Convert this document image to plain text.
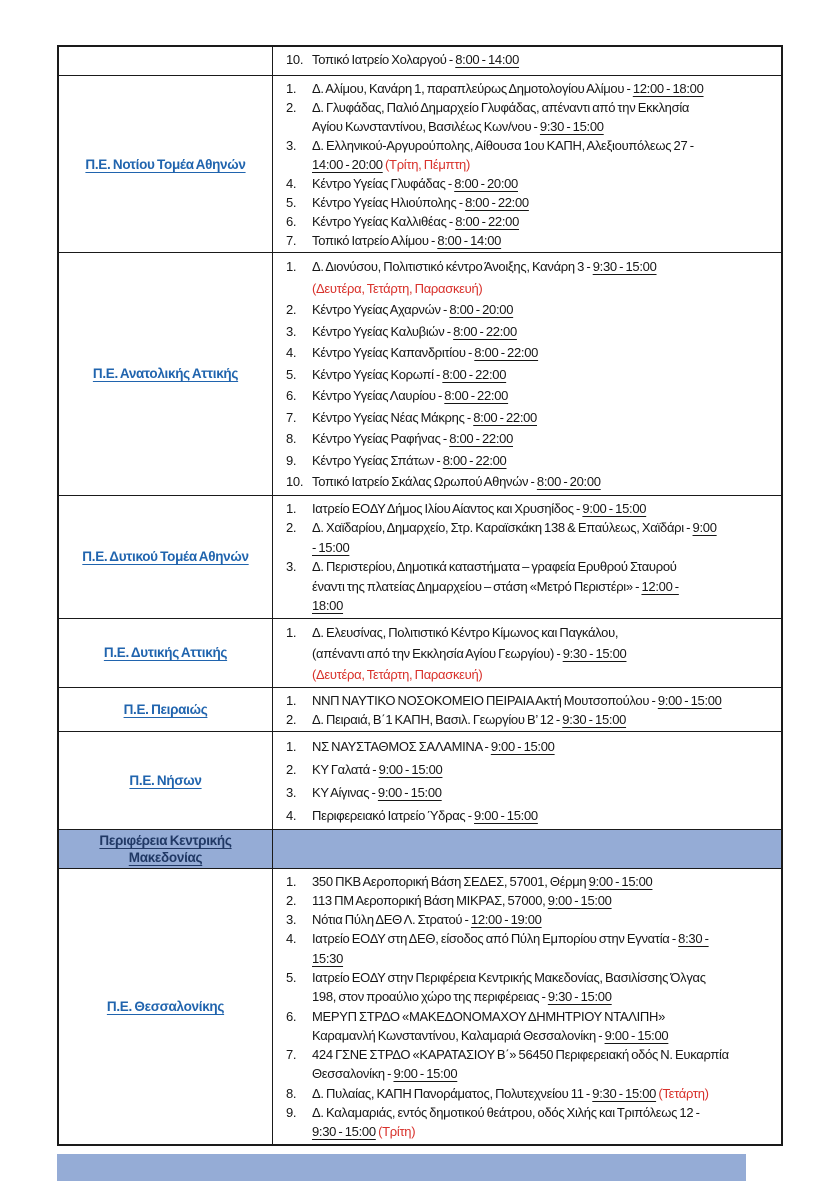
10. Τοπικό Ιατρείο Χολαργού - 8:00 - 14:00
Π.Ε. Νοτίου Τομέα Αθηνών
1.	Δ. Αλίμου, Κανάρη 1, παραπλεύρως Δημοτολογίου Αλίμου - 12:00 - 18:00
2.	Δ. Γλυφάδας, Παλιό Δημαρχείο Γλυφάδας, απέναντι από την Εκκλησία
Αγίου Κωνσταντίνου, Βασιλέως Κων/νου - 9:30 - 15:00
3.	Δ. Ελληνικού-Αργυρούπολης, Αίθουσα 1ου ΚΑΠΗ, Αλεξιουπόλεως 27 -
14:00 - 20:00 (Τρίτη, Πέμπτη)
4.	Κέντρο Υγείας Γλυφάδας - 8:00 - 20:00
5.	Κέντρο Υγείας Ηλιούπολης - 8:00 - 22:00
6.	Κέντρο Υγείας Καλλιθέας - 8:00 - 22:00
7.	Τοπικό Ιατρείο Αλίμου - 8:00 - 14:00
Π.Ε. Ανατολικής Αττικής
1.	Δ. Διονύσου, Πολιτιστικό κέντρο Άνοιξης, Κανάρη 3 - 9:30 - 15:00
(Δευτέρα, Τετάρτη, Παρασκευή)
2.	Κέντρο Υγείας Αχαρνών - 8:00 - 20:00
3.	Κέντρο Υγείας Καλυβιών - 8:00 - 22:00
4.	Κέντρο Υγείας Καπανδριτίου - 8:00 - 22:00
5.	Κέντρο Υγείας Κορωπί - 8:00 - 22:00
6.	Κέντρο Υγείας Λαυρίου - 8:00 - 22:00
7.	Κέντρο Υγείας Νέας Μάκρης - 8:00 - 22:00
8.	Κέντρο Υγείας Ραφήνας - 8:00 - 22:00
9.	Κέντρο Υγείας Σπάτων - 8:00 - 22:00
10. Τοπικό Ιατρείο Σκάλας Ωρωπού Αθηνών - 8:00 - 20:00
Π.Ε. Δυτικού Τομέα Αθηνών
1.	Ιατρείο ΕΟΔΥ Δήμος Ιλίου Αίαντος και Χρυσηίδος - 9:00 - 15:00
2.	Δ. Χαϊδαρίου, Δημαρχείο, Στρ. Καραϊσκάκη 138 & Επαύλεως, Χαϊδάρι - 9:00
- 15:00
3.	Δ. Περιστερίου, Δημοτικά καταστήματα – γραφεία Ερυθρού Σταυρού
έναντι της πλατείας Δημαρχείου – στάση «Μετρό Περιστέρι» - 12:00 -
18:00
Π.Ε. Δυτικής Αττικής
1.	Δ. Ελευσίνας, Πολιτιστικό Κέντρο Κίμωνος και Παγκάλου,
(απέναντι από την Εκκλησία Αγίου Γεωργίου) - 9:30 - 15:00
(Δευτέρα, Τετάρτη, Παρασκευή)
Π.Ε. Πειραιώς
1.	ΝΝΠ ΝΑΥΤΙΚΟ ΝΟΣΟΚΟΜΕΙΟ ΠΕΙΡΑΙΑ Ακτή Μουτσοπούλου - 9:00 - 15:00
2.	Δ. Πειραιά, Β΄1 ΚΑΠΗ, Βασιλ. Γεωργίου Β’ 12 - 9:30 - 15:00
Π.Ε. Νήσων
1.	ΝΣ ΝΑΥΣΤΑΘΜΟΣ ΣΑΛΑΜΙΝΑ - 9:00 - 15:00
2.	ΚΥ Γαλατά - 9:00 - 15:00
3.	ΚΥ Αίγινας - 9:00 - 15:00
4.	Περιφερειακό Ιατρείο Ύδρας - 9:00 - 15:00
Περιφέρεια Κεντρικής Μακεδονίας
Π.Ε. Θεσσαλονίκης
1.	350 ΠΚΒ Αεροπορική Βάση ΣΕΔΕΣ, 57001, Θέρμη 9:00 - 15:00
2.	113 ΠΜ Αεροπορική Βάση ΜΙΚΡΑΣ, 57000, 9:00 - 15:00
3.	Νότια Πύλη ΔΕΘ Λ. Στρατού - 12:00 - 19:00
4.	Ιατρείο ΕΟΔΥ στη ΔΕΘ, είσοδος από Πύλη Εμπορίου στην Εγνατία - 8:30 -
15:30
5.	Ιατρείο ΕΟΔΥ στην Περιφέρεια Κεντρικής Μακεδονίας, Βασιλίσσης Όλγας
198, στον προαύλιο χώρο της περιφέρειας - 9:30 - 15:00
6.	ΜΕΡΥΠ ΣΤΡΔΟ «ΜΑΚΕΔΟΝΟΜΑΧΟΥ ΔΗΜΗΤΡΙΟΥ ΝΤΑΛΙΠΗ»
Καραμανλή Κωνσταντίνου, Καλαμαριά Θεσσαλονίκη - 9:00 - 15:00
7.	424 ΓΣΝΕ ΣΤΡΔΟ «ΚΑΡΑΤΑΣΙΟΥ Β΄» 56450 Περιφερειακή οδός Ν. Ευκαρπία
Θεσσαλονίκη - 9:00 - 15:00
8.	Δ. Πυλαίας, ΚΑΠΗ Πανοράματος, Πολυτεχνείου 11 - 9:30 - 15:00 (Τετάρτη)
9.	Δ. Καλαμαριάς, εντός δημοτικού θεάτρου, οδός Χιλής και Τριπόλεως 12 -
9:30 - 15:00 (Τρίτη)
